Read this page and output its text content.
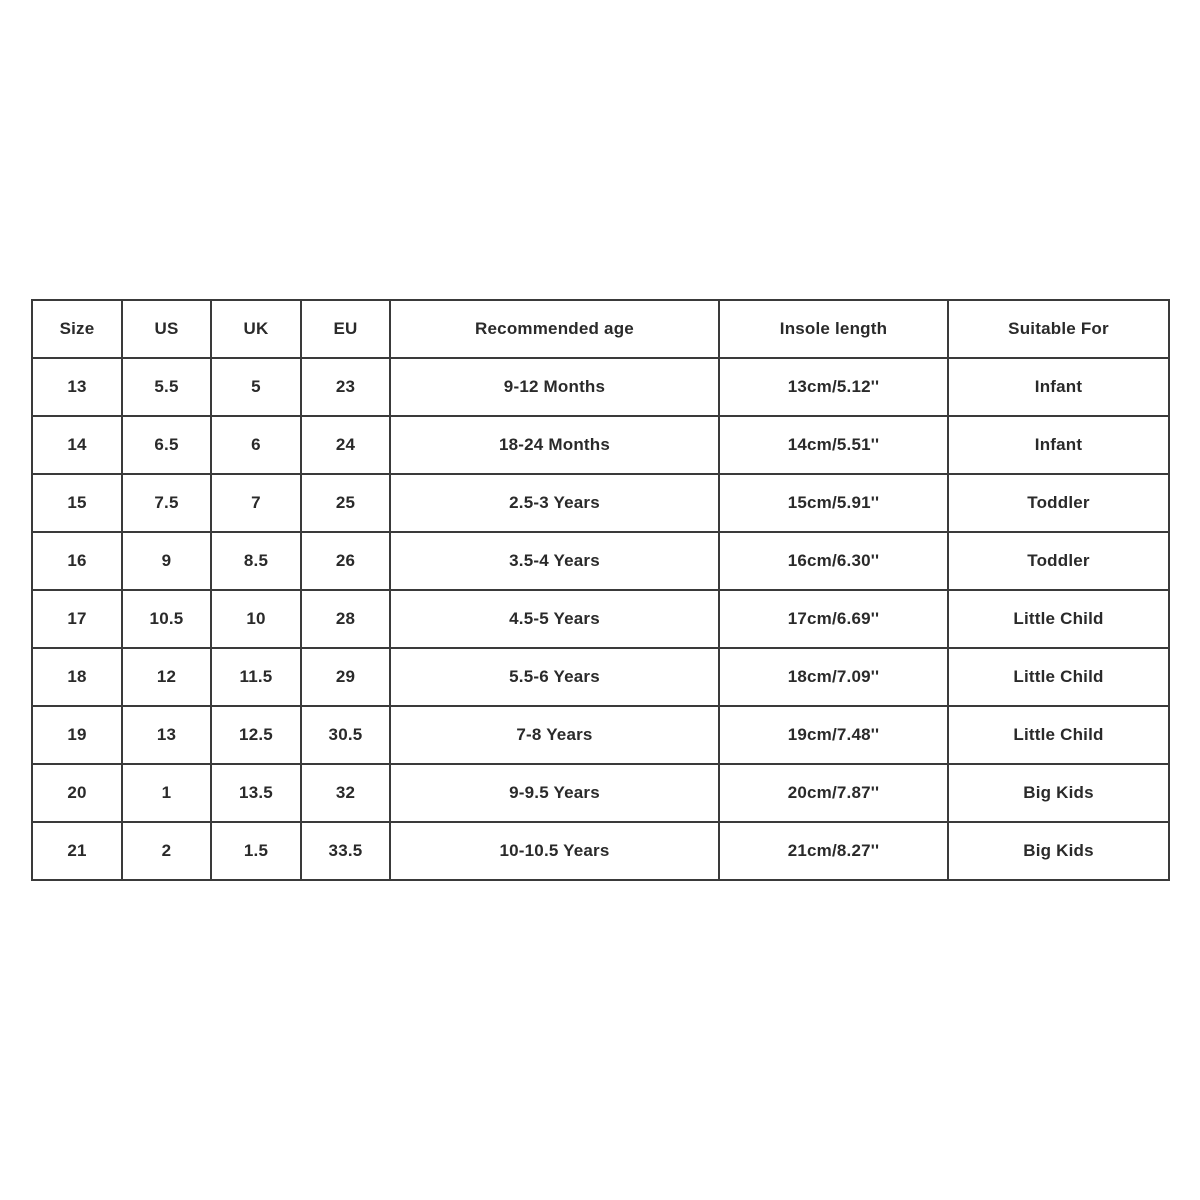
Size	US	UK	EU	Recommended age	Insole length	Suitable For
13	5.5	5	23	9-12 Months	13cm/5.12''	Infant
14	6.5	6	24	18-24 Months	14cm/5.51''	Infant
15	7.5	7	25	2.5-3 Years	15cm/5.91''	Toddler
16	9	8.5	26	3.5-4 Years	16cm/6.30''	Toddler
17	10.5	10	28	4.5-5 Years	17cm/6.69''	Little Child
18	12	11.5	29	5.5-6 Years	18cm/7.09''	Little Child
19	13	12.5	30.5	7-8 Years	19cm/7.48''	Little Child
20	1	13.5	32	9-9.5 Years	20cm/7.87''	Big Kids
21	2	1.5	33.5	10-10.5 Years	21cm/8.27''	Big Kids
